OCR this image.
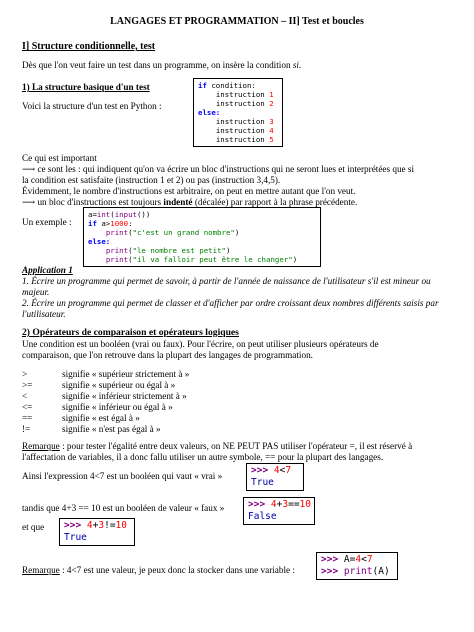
LANGAGES ET PROGRAMMATION – II] Test et boucles
I] Structure conditionnelle, test
Dès que l'on veut faire un test dans un programme, on insère la condition si.
1) La structure basique d'un test
Voici la structure d'un test en Python :
if condition:
instruction 1
instruction 2
else:
instruction 3
instruction 4
instruction 5
Ce qui est important
⟶ ce sont les : qui indiquent qu'on va écrire un bloc d'instructions qui ne seront lues et interprétées que si
la condition est satisfaite (instruction 1 et 2) ou pas (instruction 3,4,5).
Évidemment, le nombre d'instructions est arbitraire, on peut en mettre autant que l'on veut.
⟶ un bloc d'instructions est toujours indenté (décalée) par rapport à la phrase précédente.
Un exemple :
a=int(input())
if a>1000:
print("c'est un grand nombre")
else:
print("le nombre est petit")
print("il va falloir peut être le changer")
Application 1
1. Écrire un programme qui permet de savoir, à partir de l'année de naissance de l'utilisateur s'il est mineur ou
majeur.
2. Écrire un programme qui permet de classer et d'afficher par ordre croissant deux nombres différents saisis par
l'utilisateur.
2) Opérateurs de comparaison et opérateurs logiques
Une condition est un booléen (vrai ou faux). Pour l'écrire, on peut utiliser plusieurs opérateurs de
comparaison, que l'on retrouve dans la plupart des langages de programmation.
>	signifie « supérieur strictement à »
>=	signifie « supérieur ou égal à »
<	signifie « inférieur strictement à »
<=	signifie « inférieur ou égal à »
==	signifie « est égal à »
!=	signifie « n'est pas égal à »
Remarque : pour tester l'égalité entre deux valeurs, on NE PEUT PAS utiliser l'opérateur =, il est réservé à
l'affectation de variables, il a donc fallu utiliser un autre symbole, == pour la plupart des langages.
Ainsi l'expression 4<7 est un booléen qui vaut « vrai »	>>> 4<7
True
tandis que 4+3 == 10 est un booléen de valeur « faux »	>>> 4+3==10
False
et que	>>> 4+3!=10
True
Remarque : 4<7 est une valeur, je peux donc la stocker dans une variable :
>>> A=4<7
>>> print(A)
